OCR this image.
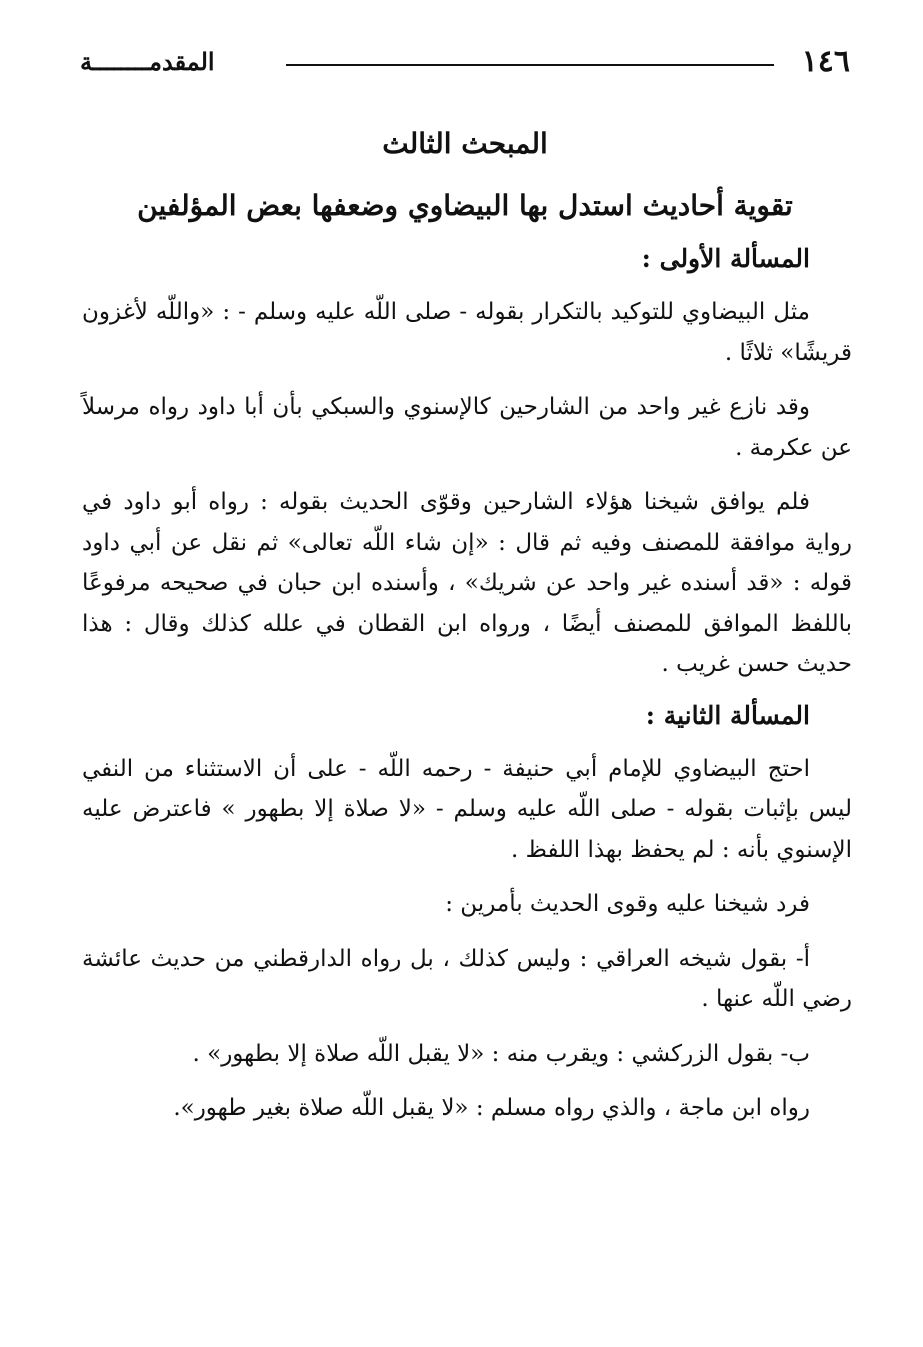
١٤٦
المقدمــــــــة
المبحث الثالث
تقوية أحاديث استدل بها البيضاوي وضعفها بعض المؤلفين
المسألة الأولى :

مثل البيضاوي للتوكيد بالتكرار بقوله - صلى اللّه عليه وسلم - : «واللّه لأغزون قريشًا» ثلاثًا .

وقد نازع غير واحد من الشارحين كالإسنوي والسبكي بأن أبا داود رواه مرسلاً عن عكرمة .

فلم يوافق شيخنا هؤلاء الشارحين وقوّى الحديث بقوله : رواه أبو داود في رواية موافقة للمصنف وفيه ثم قال : «إن شاء اللّه تعالى» ثم نقل عن أبي داود قوله : «قد أسنده غير واحد عن شريك» ، وأسنده ابن حبان في صحيحه مرفوعًا باللفظ الموافق للمصنف أيضًا ، ورواه ابن القطان في علله كذلك وقال : هذا حديث حسن غريب .

المسألة الثانية :

احتج البيضاوي للإمام أبي حنيفة - رحمه اللّه - على أن الاستثناء من النفي ليس بإثبات بقوله - صلى اللّه عليه وسلم - «لا صلاة إلا بطهور » فاعترض عليه الإسنوي بأنه : لم يحفظ بهذا اللفظ .

فرد شيخنا عليه وقوى الحديث بأمرين :

أ- بقول شيخه العراقي : وليس كذلك ، بل رواه الدارقطني من حديث عائشة رضي اللّه عنها .

ب- بقول الزركشي : ويقرب منه : «لا يقبل اللّه صلاة إلا بطهور» .

رواه ابن ماجة ، والذي رواه مسلم : «لا يقبل اللّه صلاة بغير طهور».
